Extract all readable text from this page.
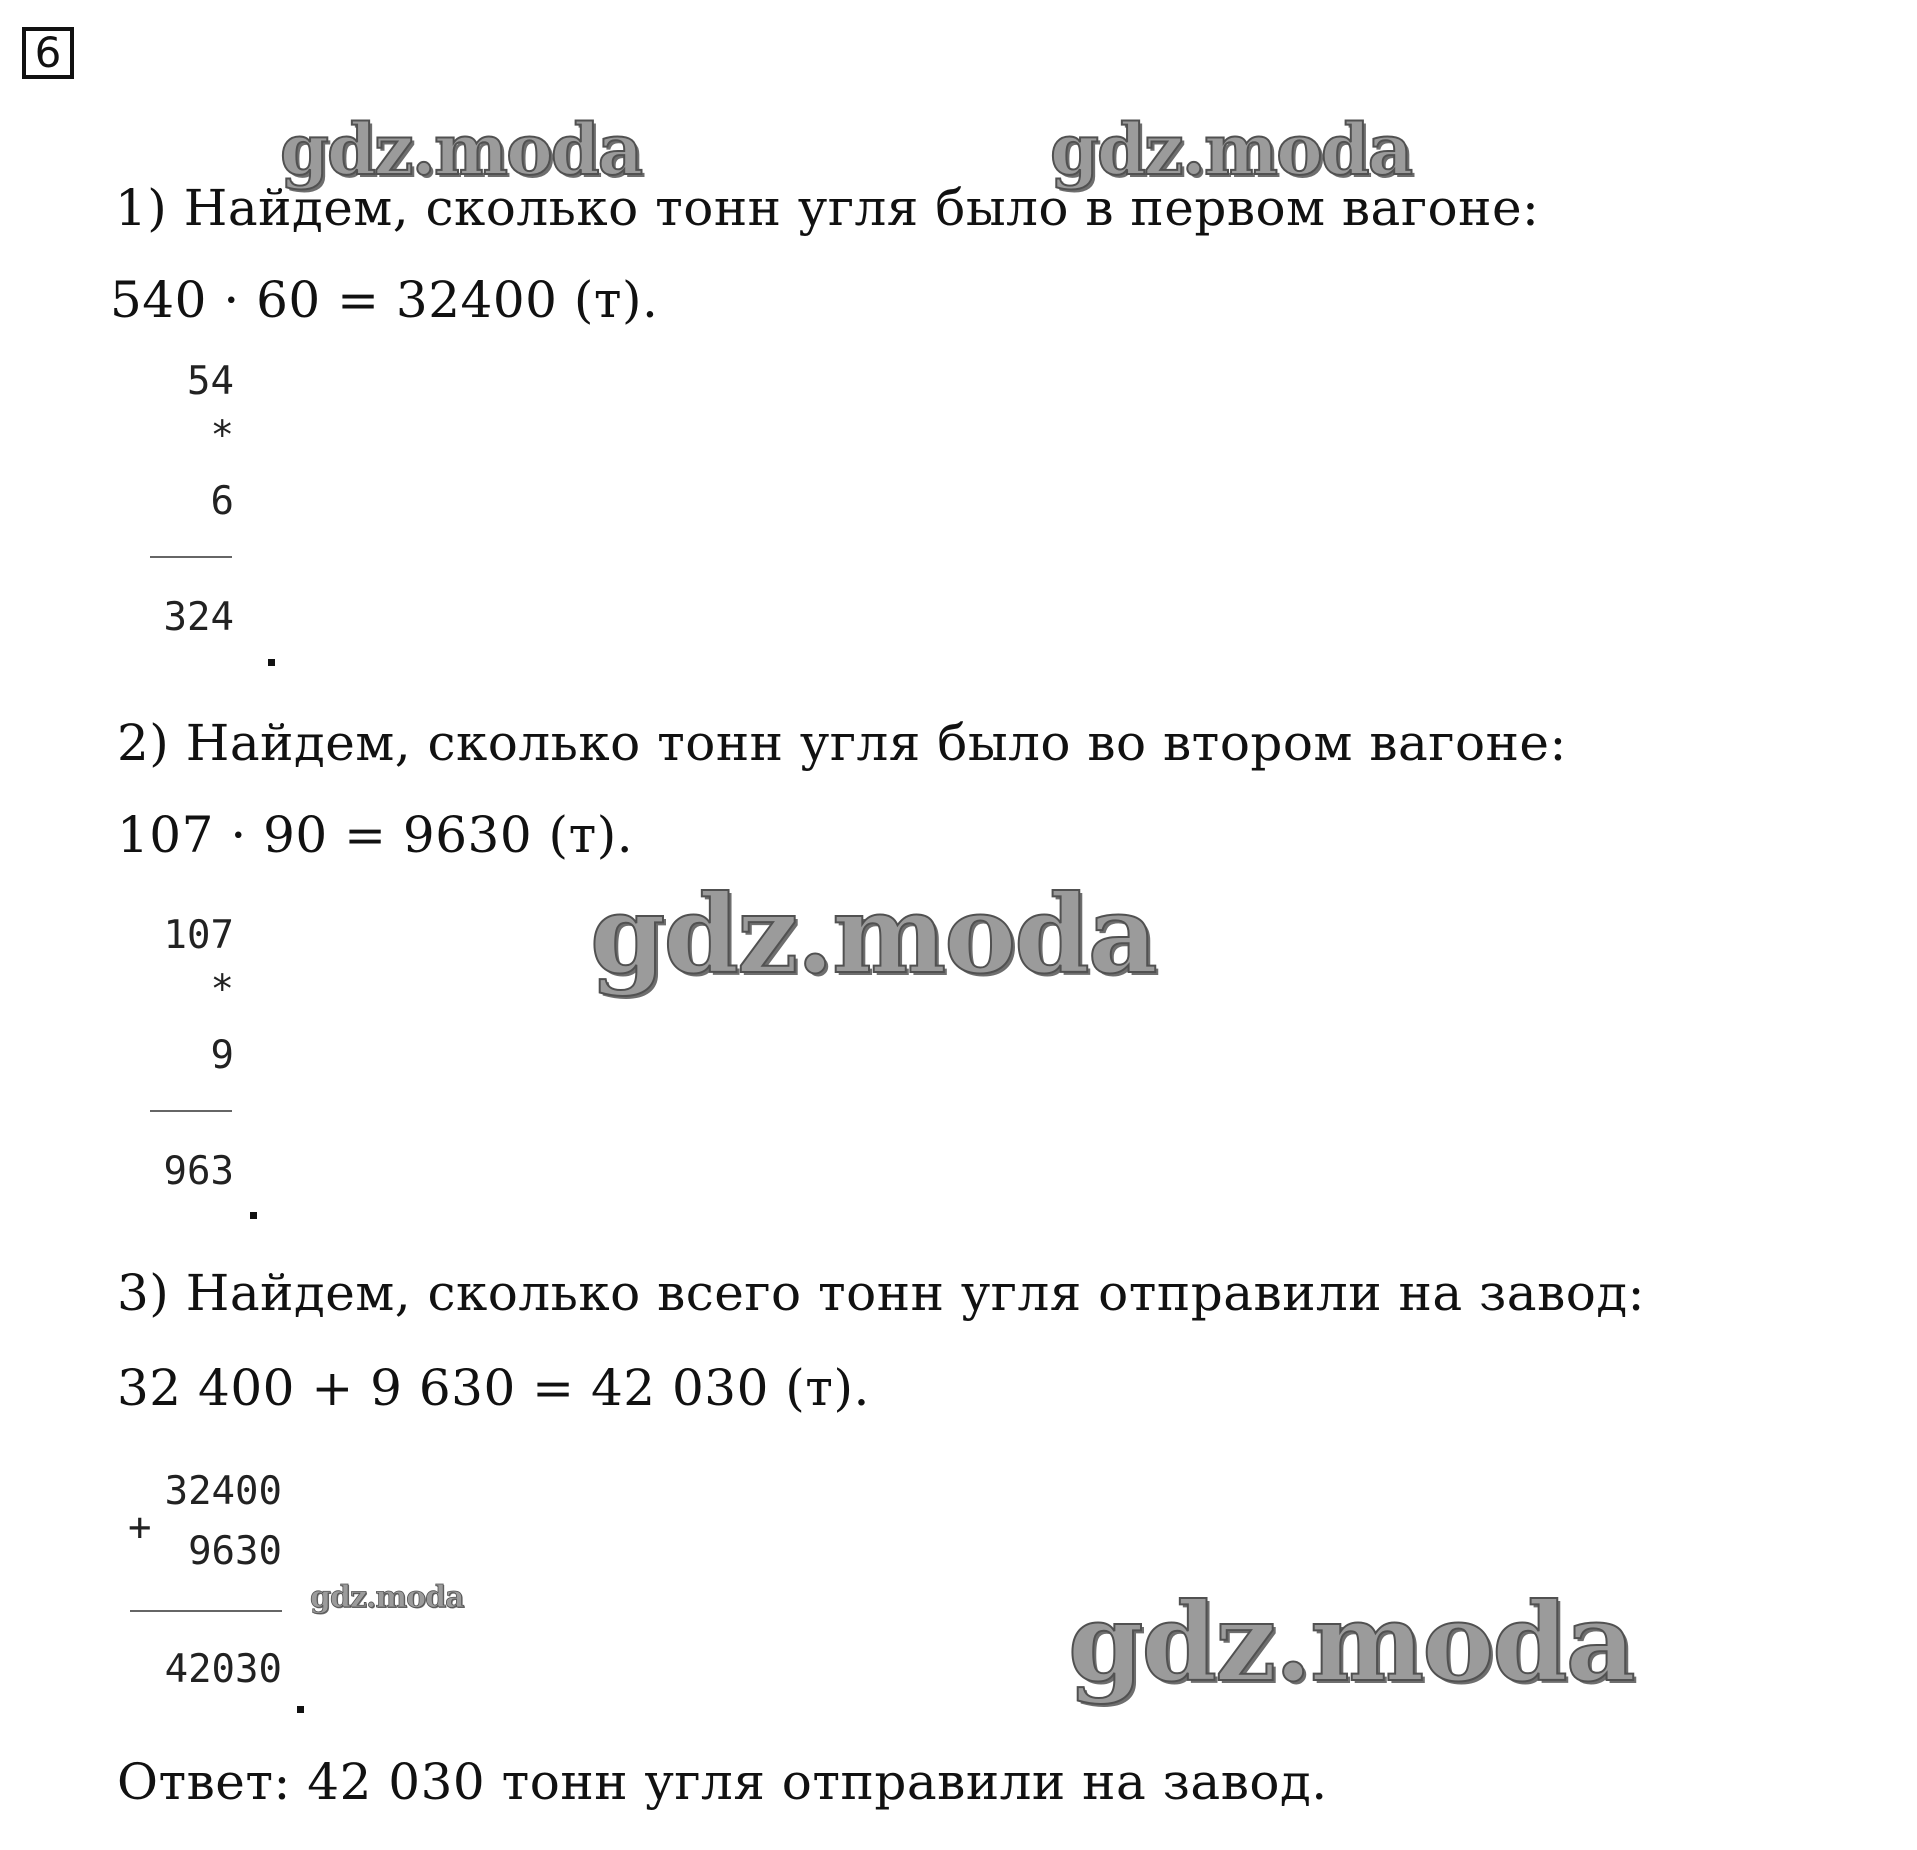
6
1) Найдем, сколько тонн угля было в первом вагоне:
540 · 60 = 32400 (т).
54
*
6
324
2) Найдем, сколько тонн угля было во втором вагоне:
107 · 90 = 9630 (т).
107
*
9
963
3) Найдем, сколько всего тонн угля отправили на завод:
32 400 + 9 630 = 42 030 (т).
32400
+
9630
42030
Ответ: 42 030 тонн угля отправили на завод.
gdz.moda	gdz.moda
gdz.moda
gdz.moda	gdz.moda
